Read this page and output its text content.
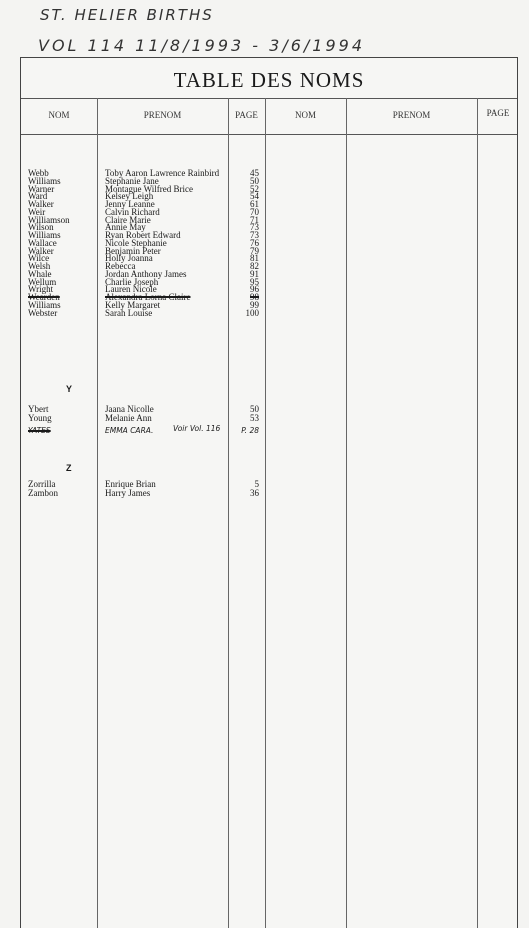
ST. HELIER BIRTHS
VOL 114 11/8/1993 - 3/6/1994
TABLE DES NOMS
NOM	PRENOM	PAGE	NOM	PRENOM	PAGE
Webb	Toby Aaron Lawrence Rainbird	45
Williams	Stephanie Jane	50
Warner	Montague Wilfred Brice	52
Ward	Kelsey Leigh	54
Walker	Jenny Leanne	61
Weir	Calvin Richard	70
Williamson	Claire Marie	71
Wilson	Annie May	73
Williams	Ryan Robert Edward	73
Wallace	Nicole Stephanie	76
Walker	Benjamin Peter	79
Wilce	Holly Joanna	81
Welsh	Rebecca	82
Whale	Jordan Anthony James	91
Wellum	Charlie Joseph	95
Wright	Lauren Nicole	96
Wearden	Alexandra Lorna Claire	98
Williams	Kelly Margaret	99
Webster	Sarah Louise	100
Y
Ybert	Jaana Nicolle	50
Young	Melanie Ann	53
YATES	EMMA CARA.	Voir Vol. 116	P. 28
Z
Zorrilla	Enrique Brian	5
Zambon	Harry James	36
